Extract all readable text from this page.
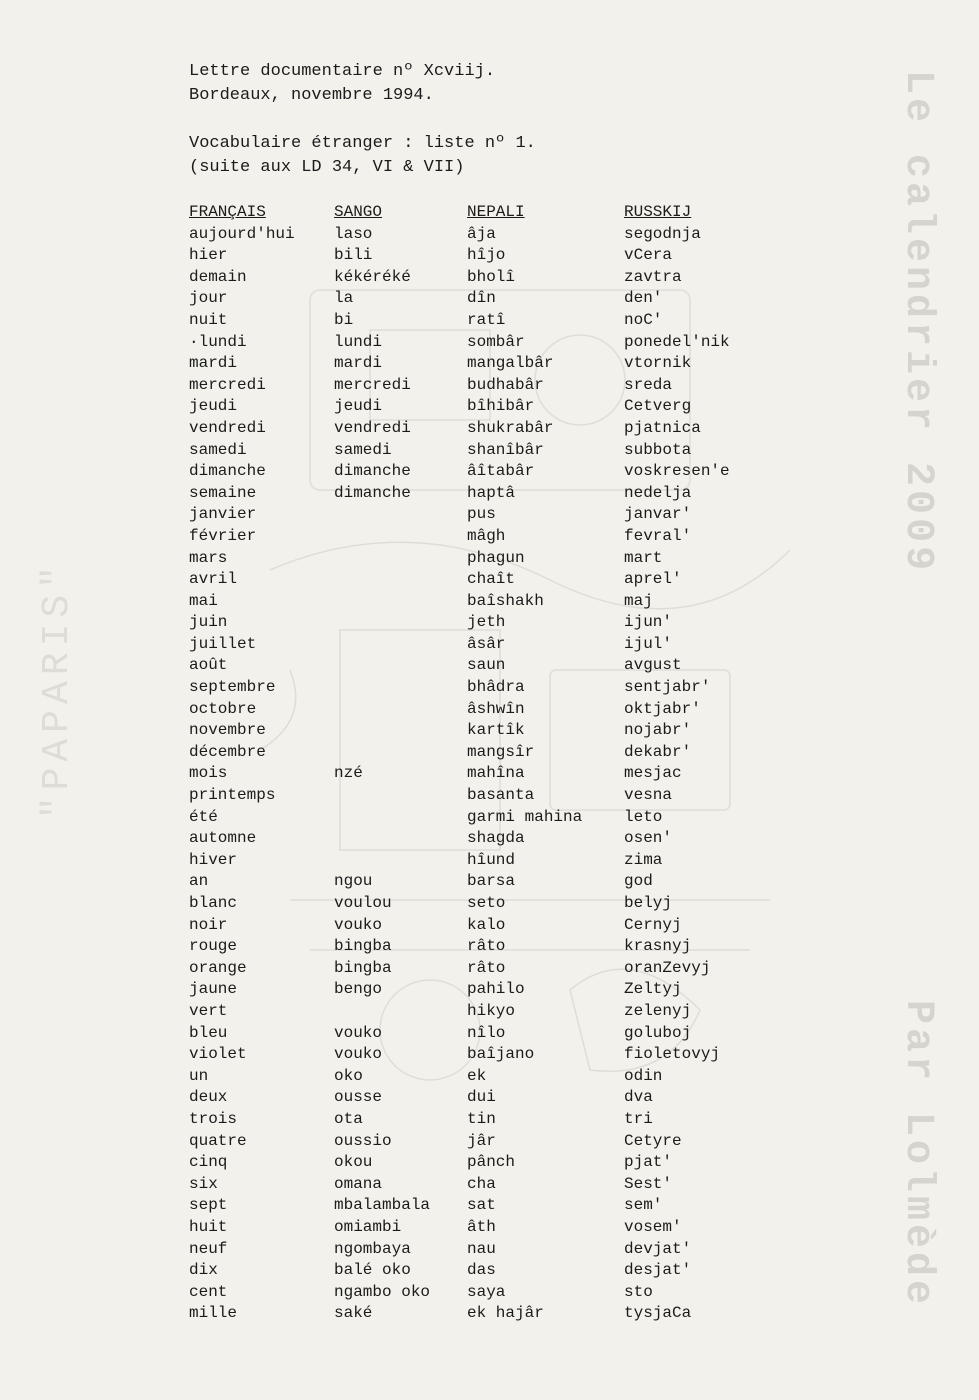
Le calendrier 2009
Par Lolmède
"PAPARIS"
Lettre documentaire nº Xcviij.
Bordeaux, novembre 1994.
Vocabulaire étranger : liste nº 1.
(suite aux LD 34, VI & VII)
FRANÇAIS	SANGO	NEPALI	RUSSKIJ
aujourd'hui	laso	âja	segodnja
hier	bili	hîjo	vCera
demain	kékéréké	bholî	zavtra
jour	la	dîn	den'
nuit	bi	ratî	noC'
·lundi	lundi	sombâr	ponedel'nik
mardi	mardi	mangalbâr	vtornik
mercredi	mercredi	budhabâr	sreda
jeudi	jeudi	bîhibâr	Cetverg
vendredi	vendredi	shukrabâr	pjatnica
samedi	samedi	shanîbâr	subbota
dimanche	dimanche	âîtabâr	voskresen'e
semaine	dimanche	haptâ	nedelja
janvier		pus	janvar'
février		mâgh	fevral'
mars		phagun	mart
avril		chaît	aprel'
mai		baîshakh	maj
juin		jeth	ijun'
juillet		âsâr	ijul'
août		saun	avgust
septembre		bhâdra	sentjabr'
octobre		âshwîn	oktjabr'
novembre		kartîk	nojabr'
décembre		mangsîr	dekabr'
mois	nzé	mahîna	mesjac
printemps		basanta	vesna
été		garmi mahina	leto
automne		shagda	osen'
hiver		hîund	zima
an	ngou	barsa	god
blanc	voulou	seto	belyj
noir	vouko	kalo	Cernyj
rouge	bingba	râto	krasnyj
orange	bingba	râto	oranZevyj
jaune	bengo	pahilo	Zeltyj
vert		hikyo	zelenyj
bleu	vouko	nîlo	goluboj
violet	vouko	baîjano	fioletovyj
un	oko	ek	odin
deux	ousse	dui	dva
trois	ota	tin	tri
quatre	oussio	jâr	Cetyre
cinq	okou	pânch	pjat'
six	omana	cha	Sest'
sept	mbalambala	sat	sem'
huit	omiambi	âth	vosem'
neuf	ngombaya	nau	devjat'
dix	balé oko	das	desjat'
cent	ngambo oko	saya	sto
mille	saké	ek hajâr	tysjaCa
